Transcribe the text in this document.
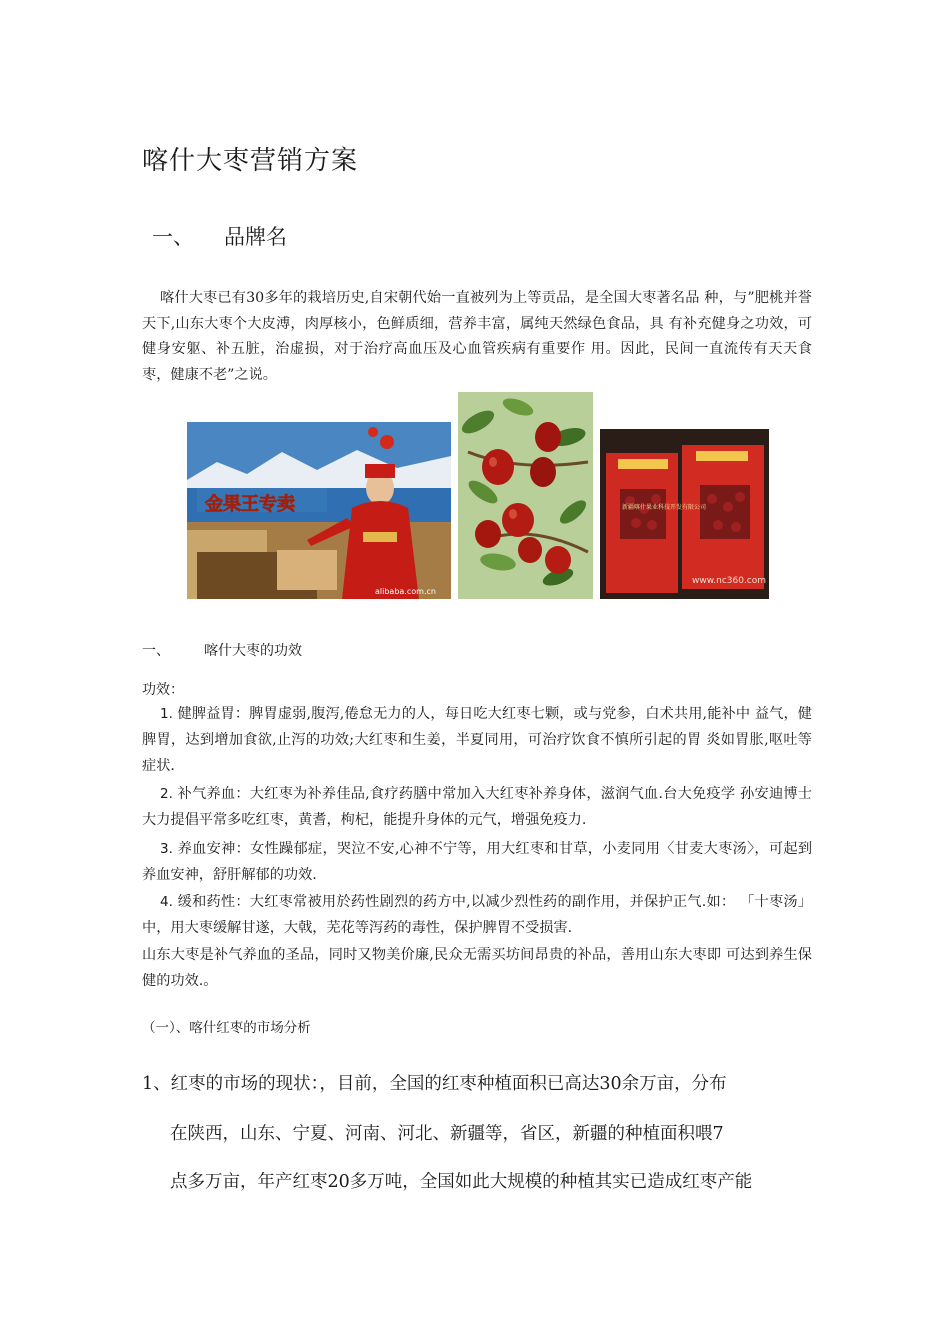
喀什大枣营销方案
一、 品牌名

喀什大枣已有30多年的栽培历史,自宋朝代始一直被列为上等贡品，是全国大枣著名品 种，与”肥桃并誉天下,山东大枣个大皮溥，肉厚核小，色鲜质细，营养丰富，属纯天然绿色食品，具 有补充健身之功效，可健身安躯、补五脏，治虚损，对于治疗高血压及心血管疾病有重要作 用。因此，民间一直流传有天天食枣，健康不老”之说。

金果王专卖
alibaba.com.cn
新疆喀什果业科技开发有限公司
www.nc360.com
一、 喀什大枣的功效
功效：
1. 健脾益胃：脾胃虚弱,腹泻,倦怠无力的人，每日吃大红枣七颗，或与党参，白术共用,能补中 益气，健脾胃，达到增加食欲,止泻的功效;大红枣和生姜，半夏同用，可治疗饮食不慎所引起的胃 炎如胃胀,呕吐等症状.
2. 补气养血：大红枣为补养佳品,食疗药膳中常加入大红枣补养身体，滋润气血.台大免疫学 孙安迪博士大力提倡平常多吃红枣，黄耆，枸杞，能提升身体的元气，增强免疫力.
3. 养血安神：女性躁郁症，哭泣不安,心神不宁等，用大红枣和甘草，小麦同用〈甘麦大枣汤〉，可起到养血安神，舒肝解郁的功效.
4. 缓和药性：大红枣常被用於药性剧烈的药方中,以减少烈性药的副作用，并保护正气.如： 「十枣汤」中，用大枣缓解甘遂，大戟，芜花等泻药的毒性，保护脾胃不受损害.

山东大枣是补气养血的圣品，同时又物美价廉,民众无需买坊间昂贵的补品，善用山东大枣即 可达到养生保健的功效.。

（一）、喀什红枣的市场分析
1、红枣的市场的现状：，目前，全国的红枣种植面积已高达30余万亩，分布
在陕西，山东、宁夏、河南、河北、新疆等，省区，新疆的种植面积喂7
点多万亩，年产红枣20多万吨，全国如此大规模的种植其实已造成红枣产能
